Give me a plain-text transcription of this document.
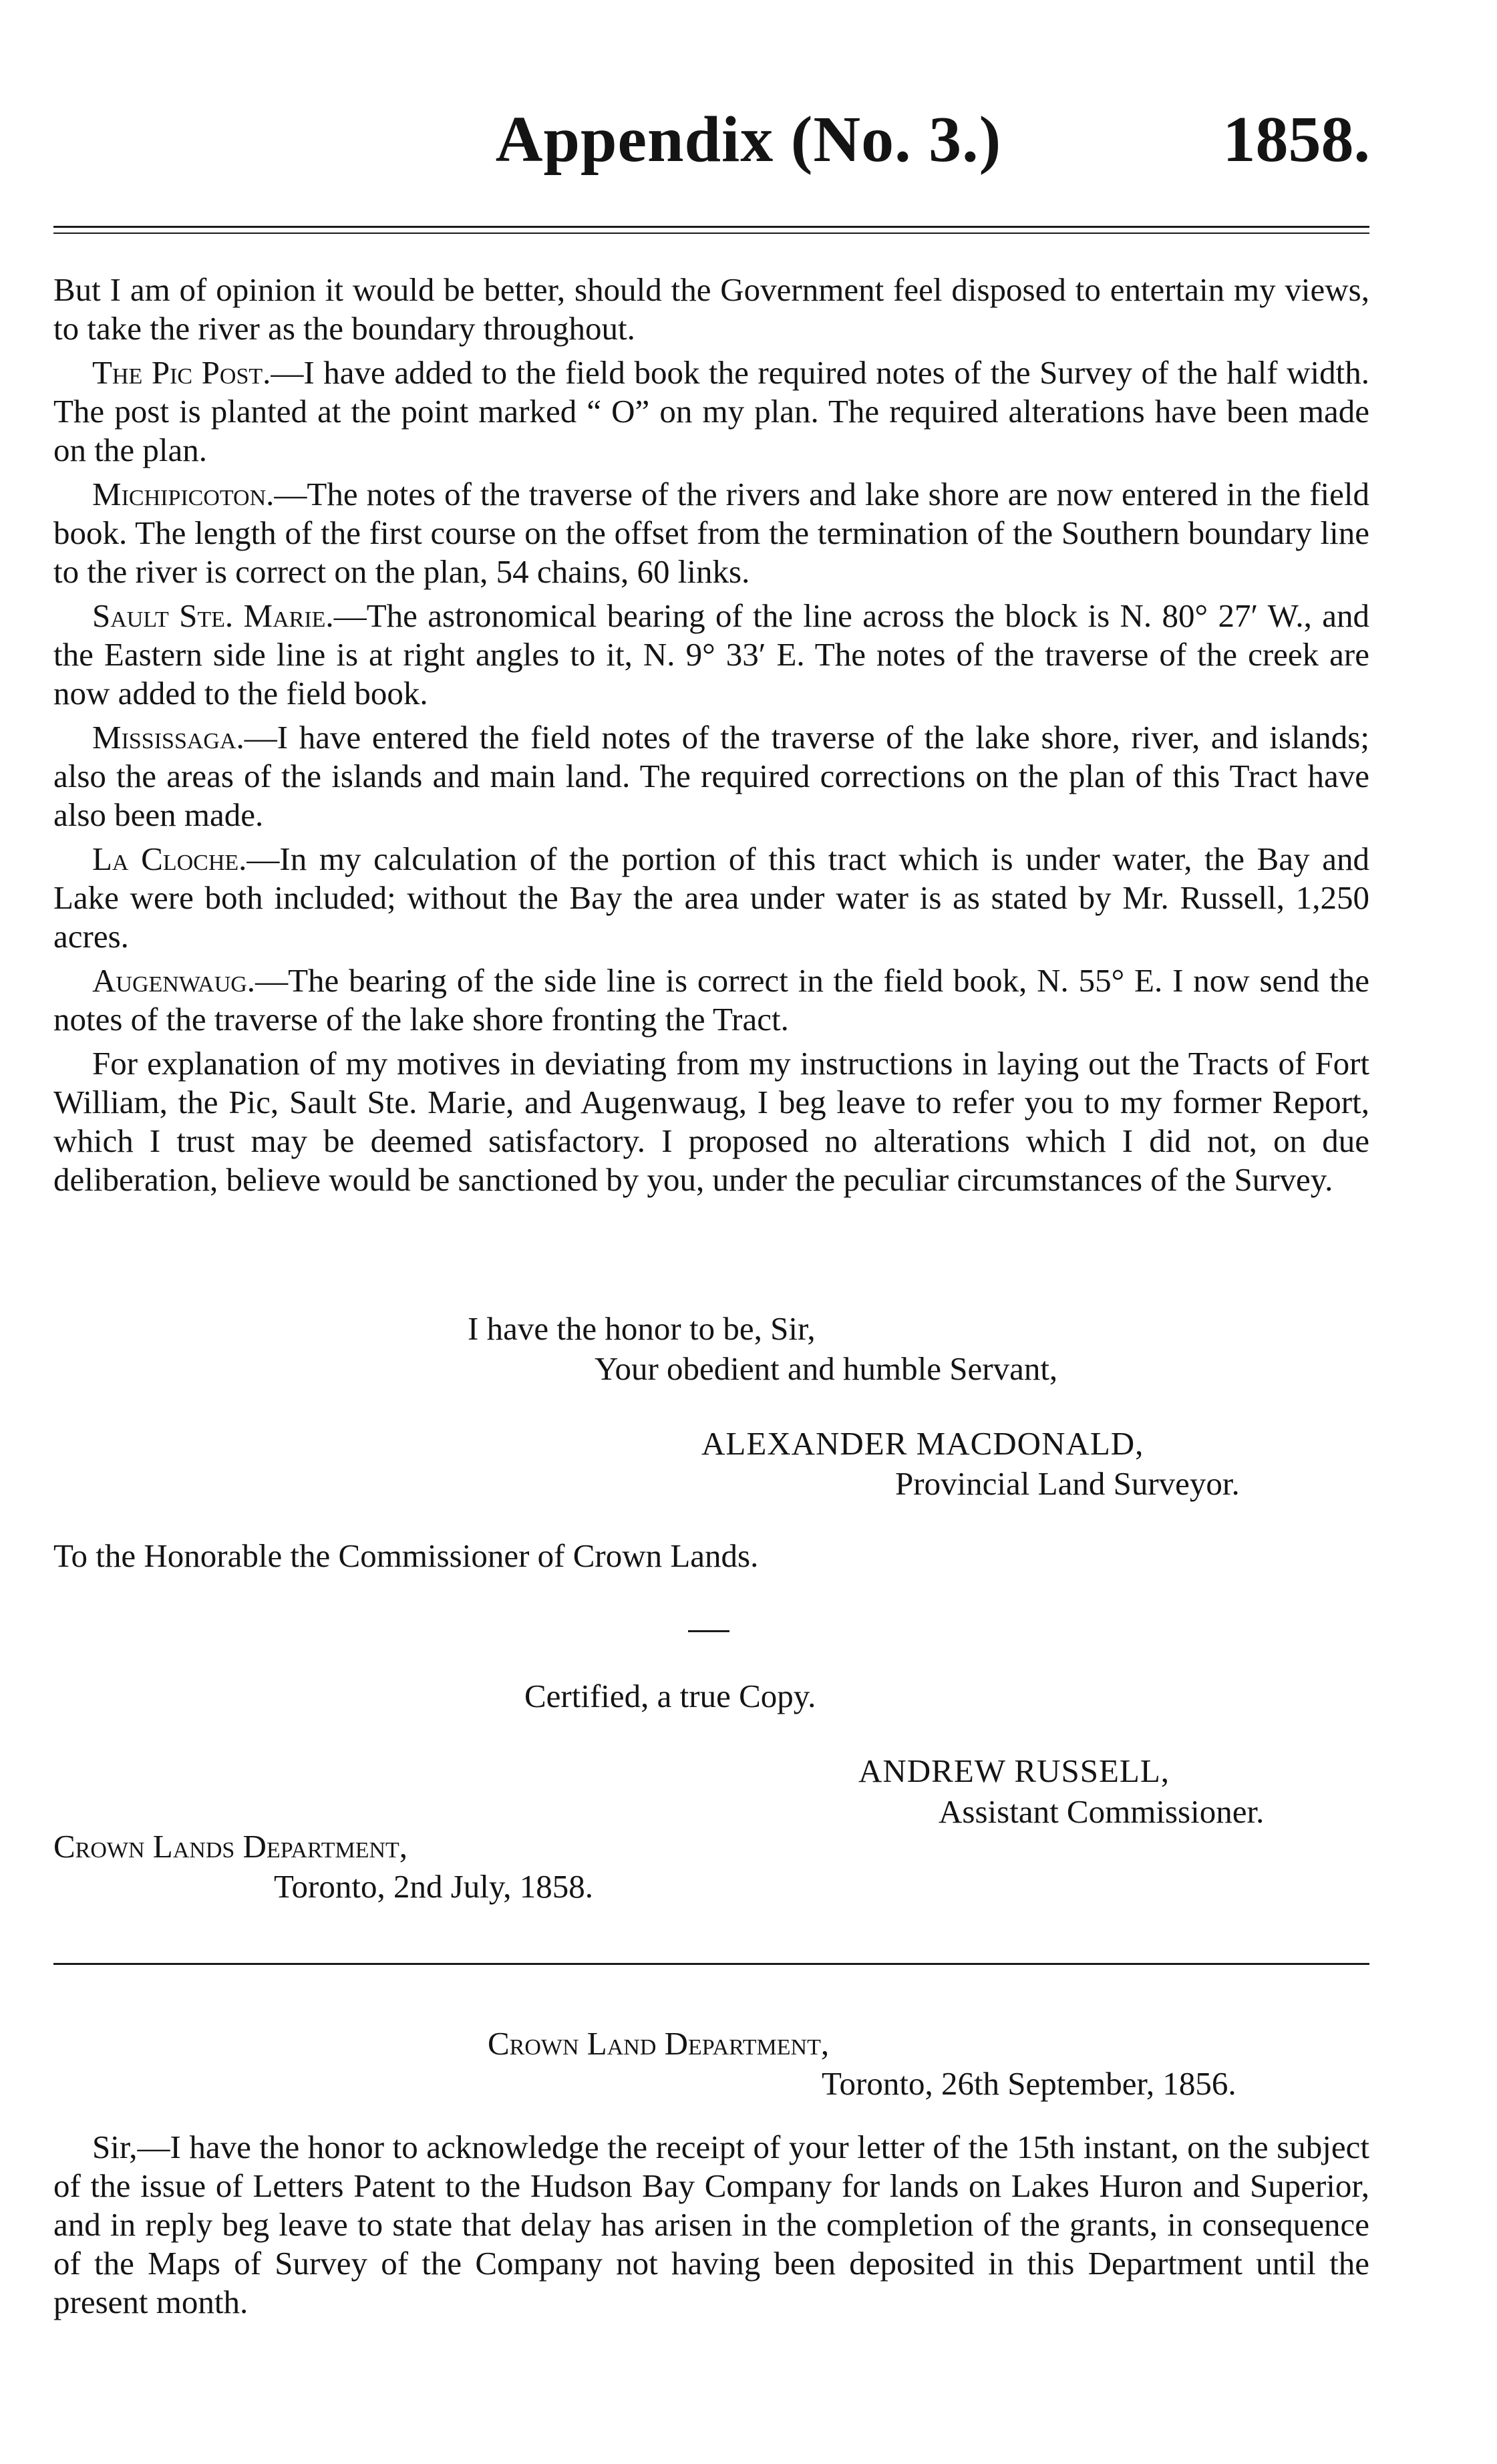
Appendix (No. 3.)	1858.

But I am of opinion it would be better, should the Government feel disposed to entertain my views, to take the river as the boundary throughout.

The Pic Post.—I have added to the field book the required notes of the Survey of the half width. The post is planted at the point marked “ O” on my plan. The required alterations have been made on the plan.

Michipicoton.—The notes of the traverse of the rivers and lake shore are now entered in the field book. The length of the first course on the offset from the termination of the Southern boundary line to the river is correct on the plan, 54 chains, 60 links.

Sault Ste. Marie.—The astronomical bearing of the line across the block is N. 80° 27′ W., and the Eastern side line is at right angles to it, N. 9° 33′ E. The notes of the traverse of the creek are now added to the field book.

Mississaga.—I have entered the field notes of the traverse of the lake shore, river, and islands; also the areas of the islands and main land. The required corrections on the plan of this Tract have also been made.

La Cloche.—In my calculation of the portion of this tract which is under water, the Bay and Lake were both included; without the Bay the area under water is as stated by Mr. Russell, 1,250 acres.

Augenwaug.—The bearing of the side line is correct in the field book, N. 55° E. I now send the notes of the traverse of the lake shore fronting the Tract.

For explanation of my motives in deviating from my instructions in laying out the Tracts of Fort William, the Pic, Sault Ste. Marie, and Augenwaug, I beg leave to refer you to my former Report, which I trust may be deemed satisfactory. I proposed no alterations which I did not, on due deliberation, believe would be sanctioned by you, under the peculiar circumstances of the Survey.

I have the honor to be, Sir,
Your obedient and humble Servant,
ALEXANDER MACDONALD,
Provincial Land Surveyor.
To the Honorable the Commissioner of Crown Lands.
Certified, a true Copy.
ANDREW RUSSELL,
Assistant Commissioner.
Crown Lands Department,
Toronto, 2nd July, 1858.
Crown Land Department,
Toronto, 26th September, 1856.

Sir,—I have the honor to acknowledge the receipt of your letter of the 15th instant, on the subject of the issue of Letters Patent to the Hudson Bay Company for lands on Lakes Huron and Superior, and in reply beg leave to state that delay has arisen in the completion of the grants, in consequence of the Maps of Survey of the Company not having been deposited in this Department until the present month.
